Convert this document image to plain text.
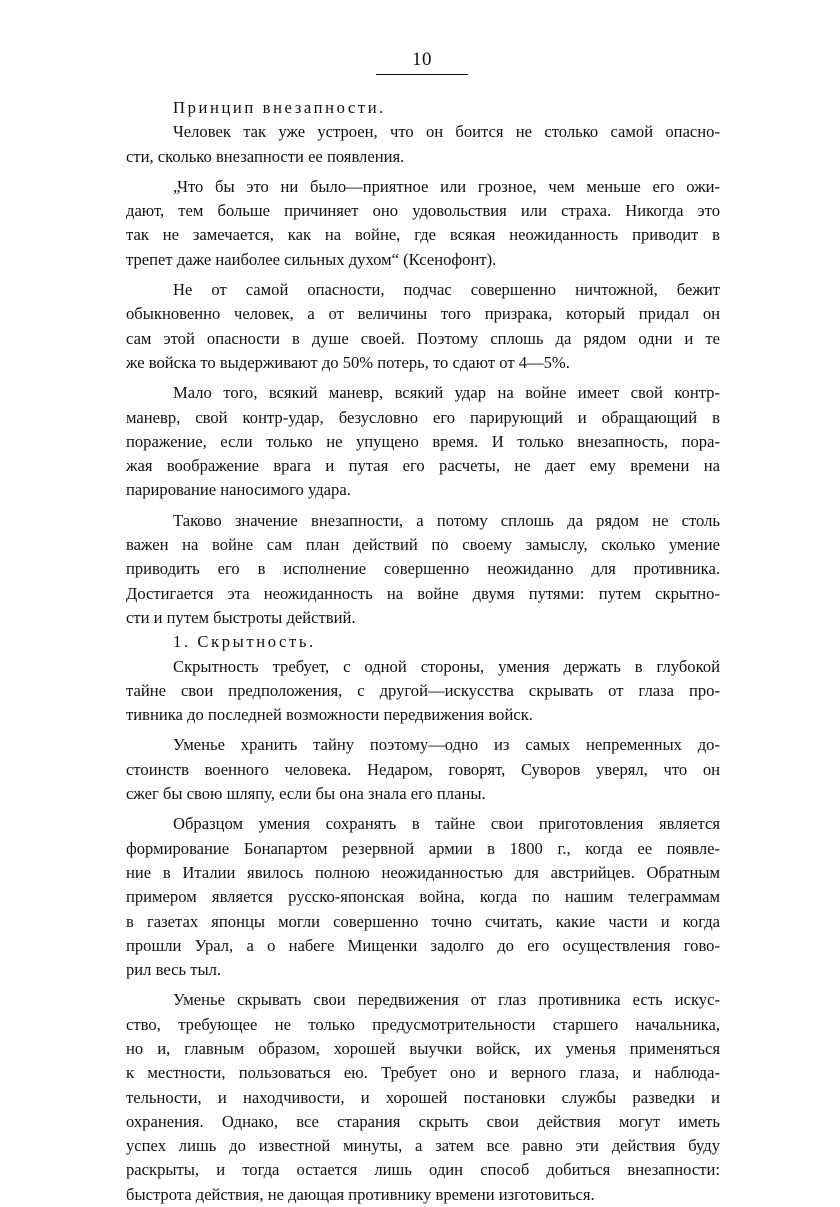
10
Принцип внезапности.
Человек так уже устроен, что он боится не столько самой опасно-
сти, сколько внезапности ее появления.
„Что бы это ни было––приятное или грозное, чем меньше его ожи-
дают, тем больше причиняет оно удовольствия или страха. Никогда это
так не замечается, как на войне, где всякая неожиданность приводит в
трепет даже наиболее сильных духом“ (Ксенофонт).
Не от самой опасности, подчас совершенно ничтожной, бежит
обыкновенно человек, а от величины того призрака, который придал он
сам этой опасности в душе своей. Поэтому сплошь да рядом одни и те
же войска то выдерживают до 50% потерь, то сдают от 4—5%.
Мало того, всякий маневр, всякий удар на войне имеет свой контр-
маневр, свой контр-удар, безусловно его парирующий и обращающий в
поражение, если только не упущено время. И только внезапность, пора-
жая воображение врага и путая его расчеты, не дает ему времени на
парирование наносимого удара.
Таково значение внезапности, а потому сплошь да рядом не столь
важен на войне сам план действий по своему замыслу, сколько умение
приводить его в исполнение совершенно неожиданно для противника.
Достигается эта неожиданность на войне двумя путями: путем скрытно-
сти и путем быстроты действий.
1. Скрытность.
Скрытность требует, с одной стороны, умения держать в глубокой
тайне свои предположения, с другой—искусства скрывать от глаза про-
тивника до последней возможности передвижения войск.
Уменье хранить тайну поэтому—одно из самых непременных до-
стоинств военного человека. Недаром, говорят, Суворов уверял, что он
сжег бы свою шляпу, если бы она знала его планы.
Образцом умения сохранять в тайне свои приготовления является
формирование Бонапартом резервной армии в 1800 г., когда ее появле-
ние в Италии явилось полною неожиданностью для австрийцев. Обратным
примером является русско-японская война, когда по нашим телеграммам
в газетах японцы могли совершенно точно считать, какие части и когда
прошли Урал, а о набеге Мищенки задолго до его осуществления гово-
рил весь тыл.
Уменье скрывать свои передвижения от глаз противника есть искус-
ство, требующее не только предусмотрительности старшего начальника,
но и, главным образом, хорошей выучки войск, их уменья применяться
к местности, пользоваться ею. Требует оно и верного глаза, и наблюда-
тельности, и находчивости, и хорошей постановки службы разведки и
охранения. Однако, все старания скрыть свои действия могут иметь
успех лишь до известной минуты, а затем все равно эти действия буду
раскрыты, и тогда остается лишь один способ добиться внезапности:
быстрота действия, не дающая противнику времени изготовиться.
